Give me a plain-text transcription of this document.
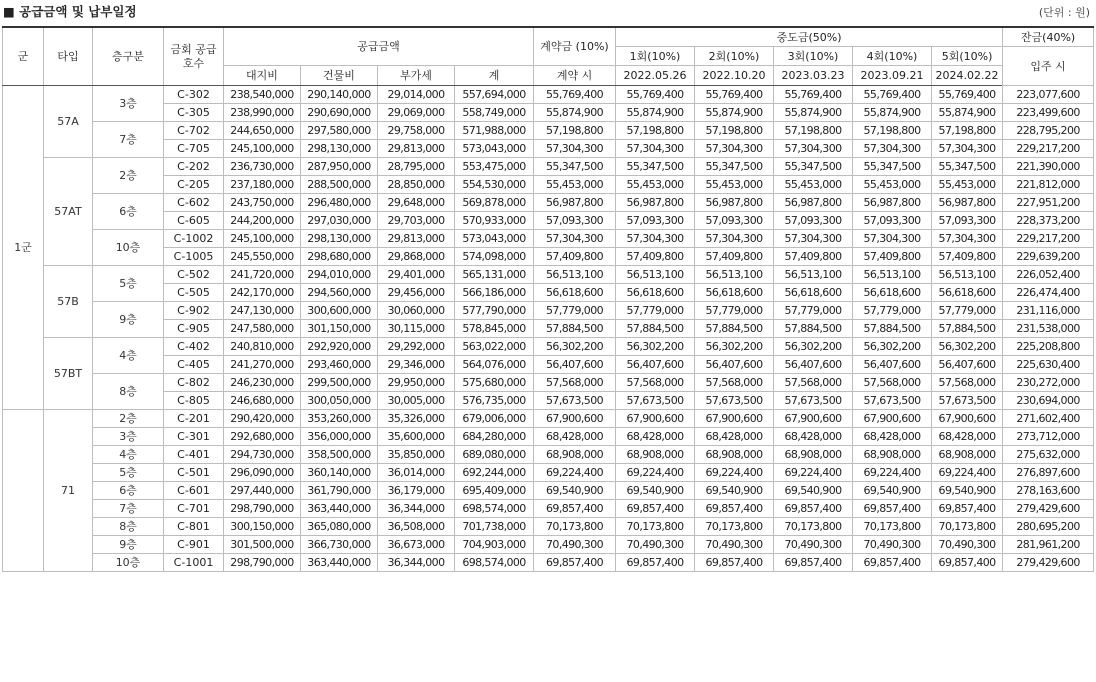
■ 공급금액 및 납부일정	(단위 : 원)
군	타입	층구분	금회 공급 호수	공급금액				계약금 (10%)	중도금(50%)					잔금(40%)
									1회(10%)	2회(10%)	3회(10%)	4회(10%)	5회(10%)	입주 시
				대지비	건물비	부가세	계	계약 시	2022.05.26	2022.10.20	2023.03.23	2023.09.21	2024.02.22	
1군	57A	3층	C-302	238,540,000	290,140,000	29,014,000	557,694,000	55,769,400	55,769,400	55,769,400	55,769,400	55,769,400	55,769,400	223,077,600
			C-305	238,990,000	290,690,000	29,069,000	558,749,000	55,874,900	55,874,900	55,874,900	55,874,900	55,874,900	55,874,900	223,499,600
		7층	C-702	244,650,000	297,580,000	29,758,000	571,988,000	57,198,800	57,198,800	57,198,800	57,198,800	57,198,800	57,198,800	228,795,200
			C-705	245,100,000	298,130,000	29,813,000	573,043,000	57,304,300	57,304,300	57,304,300	57,304,300	57,304,300	57,304,300	229,217,200
	57AT	2층	C-202	236,730,000	287,950,000	28,795,000	553,475,000	55,347,500	55,347,500	55,347,500	55,347,500	55,347,500	55,347,500	221,390,000
			C-205	237,180,000	288,500,000	28,850,000	554,530,000	55,453,000	55,453,000	55,453,000	55,453,000	55,453,000	55,453,000	221,812,000
		6층	C-602	243,750,000	296,480,000	29,648,000	569,878,000	56,987,800	56,987,800	56,987,800	56,987,800	56,987,800	56,987,800	227,951,200
			C-605	244,200,000	297,030,000	29,703,000	570,933,000	57,093,300	57,093,300	57,093,300	57,093,300	57,093,300	57,093,300	228,373,200
		10층	C-1002	245,100,000	298,130,000	29,813,000	573,043,000	57,304,300	57,304,300	57,304,300	57,304,300	57,304,300	57,304,300	229,217,200
			C-1005	245,550,000	298,680,000	29,868,000	574,098,000	57,409,800	57,409,800	57,409,800	57,409,800	57,409,800	57,409,800	229,639,200
	57B	5층	C-502	241,720,000	294,010,000	29,401,000	565,131,000	56,513,100	56,513,100	56,513,100	56,513,100	56,513,100	56,513,100	226,052,400
			C-505	242,170,000	294,560,000	29,456,000	566,186,000	56,618,600	56,618,600	56,618,600	56,618,600	56,618,600	56,618,600	226,474,400
		9층	C-902	247,130,000	300,600,000	30,060,000	577,790,000	57,779,000	57,779,000	57,779,000	57,779,000	57,779,000	57,779,000	231,116,000
			C-905	247,580,000	301,150,000	30,115,000	578,845,000	57,884,500	57,884,500	57,884,500	57,884,500	57,884,500	57,884,500	231,538,000
	57BT	4층	C-402	240,810,000	292,920,000	29,292,000	563,022,000	56,302,200	56,302,200	56,302,200	56,302,200	56,302,200	56,302,200	225,208,800
			C-405	241,270,000	293,460,000	29,346,000	564,076,000	56,407,600	56,407,600	56,407,600	56,407,600	56,407,600	56,407,600	225,630,400
		8층	C-802	246,230,000	299,500,000	29,950,000	575,680,000	57,568,000	57,568,000	57,568,000	57,568,000	57,568,000	57,568,000	230,272,000
			C-805	246,680,000	300,050,000	30,005,000	576,735,000	57,673,500	57,673,500	57,673,500	57,673,500	57,673,500	57,673,500	230,694,000
	71	2층	C-201	290,420,000	353,260,000	35,326,000	679,006,000	67,900,600	67,900,600	67,900,600	67,900,600	67,900,600	67,900,600	271,602,400
		3층	C-301	292,680,000	356,000,000	35,600,000	684,280,000	68,428,000	68,428,000	68,428,000	68,428,000	68,428,000	68,428,000	273,712,000
		4층	C-401	294,730,000	358,500,000	35,850,000	689,080,000	68,908,000	68,908,000	68,908,000	68,908,000	68,908,000	68,908,000	275,632,000
		5층	C-501	296,090,000	360,140,000	36,014,000	692,244,000	69,224,400	69,224,400	69,224,400	69,224,400	69,224,400	69,224,400	276,897,600
		6층	C-601	297,440,000	361,790,000	36,179,000	695,409,000	69,540,900	69,540,900	69,540,900	69,540,900	69,540,900	69,540,900	278,163,600
		7층	C-701	298,790,000	363,440,000	36,344,000	698,574,000	69,857,400	69,857,400	69,857,400	69,857,400	69,857,400	69,857,400	279,429,600
		8층	C-801	300,150,000	365,080,000	36,508,000	701,738,000	70,173,800	70,173,800	70,173,800	70,173,800	70,173,800	70,173,800	280,695,200
		9층	C-901	301,500,000	366,730,000	36,673,000	704,903,000	70,490,300	70,490,300	70,490,300	70,490,300	70,490,300	70,490,300	281,961,200
		10층	C-1001	298,790,000	363,440,000	36,344,000	698,574,000	69,857,400	69,857,400	69,857,400	69,857,400	69,857,400	69,857,400	279,429,600
